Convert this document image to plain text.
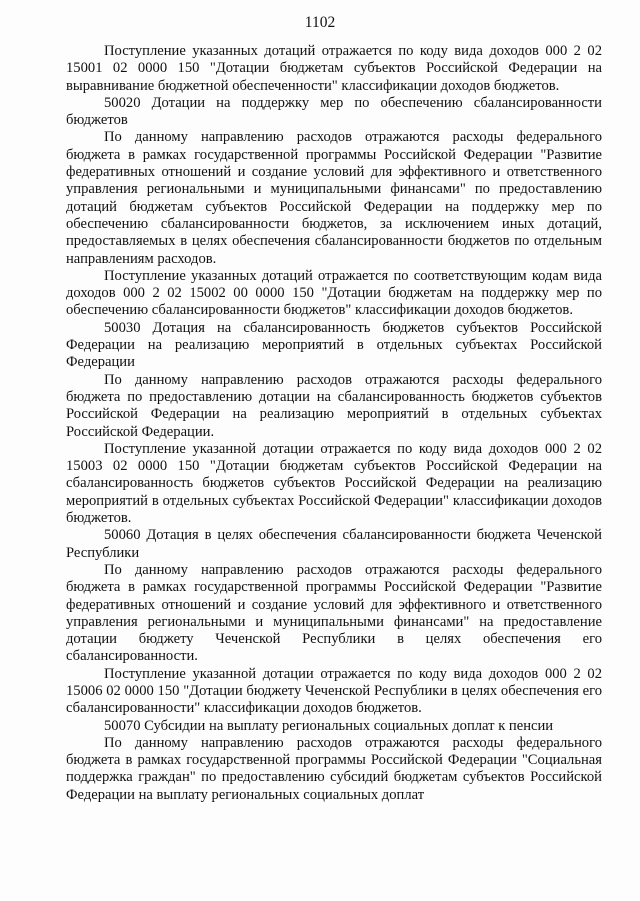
1102

Поступление указанных дотаций отражается по коду вида доходов 000 2 02 15001 02 0000 150 "Дотации бюджетам субъектов Российской Федерации на выравнивание бюджетной обеспеченности" классификации доходов бюджетов.

50020 Дотации на поддержку мер по обеспечению сбалансированности бюджетов

По данному направлению расходов отражаются расходы федерального бюджета в рамках государственной программы Российской Федерации "Развитие федеративных отношений и создание условий для эффективного и ответственного управления региональными и муниципальными финансами" по предоставлению дотаций бюджетам субъектов Российской Федерации на поддержку мер по обеспечению сбалансированности бюджетов, за исключением иных дотаций, предоставляемых в целях обеспечения сбалансированности бюджетов по отдельным направлениям расходов.

Поступление указанных дотаций отражается по соответствующим кодам вида доходов 000 2 02 15002 00 0000 150 "Дотации бюджетам на поддержку мер по обеспечению сбалансированности бюджетов" классификации доходов бюджетов.

50030 Дотация на сбалансированность бюджетов субъектов Российской Федерации на реализацию мероприятий в отдельных субъектах Российской Федерации

По данному направлению расходов отражаются расходы федерального бюджета по предоставлению дотации на сбалансированность бюджетов субъектов Российской Федерации на реализацию мероприятий в отдельных субъектах Российской Федерации.

Поступление указанной дотации отражается по коду вида доходов 000 2 02 15003 02 0000 150 "Дотации бюджетам субъектов Российской Федерации на сбалансированность бюджетов субъектов Российской Федерации на реализацию мероприятий в отдельных субъектах Российской Федерации" классификации доходов бюджетов.

50060 Дотация в целях обеспечения сбалансированности бюджета Чеченской Республики

По данному направлению расходов отражаются расходы федерального бюджета в рамках государственной программы Российской Федерации "Развитие федеративных отношений и создание условий для эффективного и ответственного управления региональными и муниципальными финансами" на предоставление дотации бюджету Чеченской Республики в целях обеспечения его сбалансированности.

Поступление указанной дотации отражается по коду вида доходов 000 2 02 15006 02 0000 150 "Дотации бюджету Чеченской Республики в целях обеспечения его сбалансированности" классификации доходов бюджетов.

50070 Субсидии на выплату региональных социальных доплат к пенсии

По данному направлению расходов отражаются расходы федерального бюджета в рамках государственной программы Российской Федерации "Социальная поддержка граждан" по предоставлению субсидий бюджетам субъектов Российской Федерации на выплату региональных социальных доплат
